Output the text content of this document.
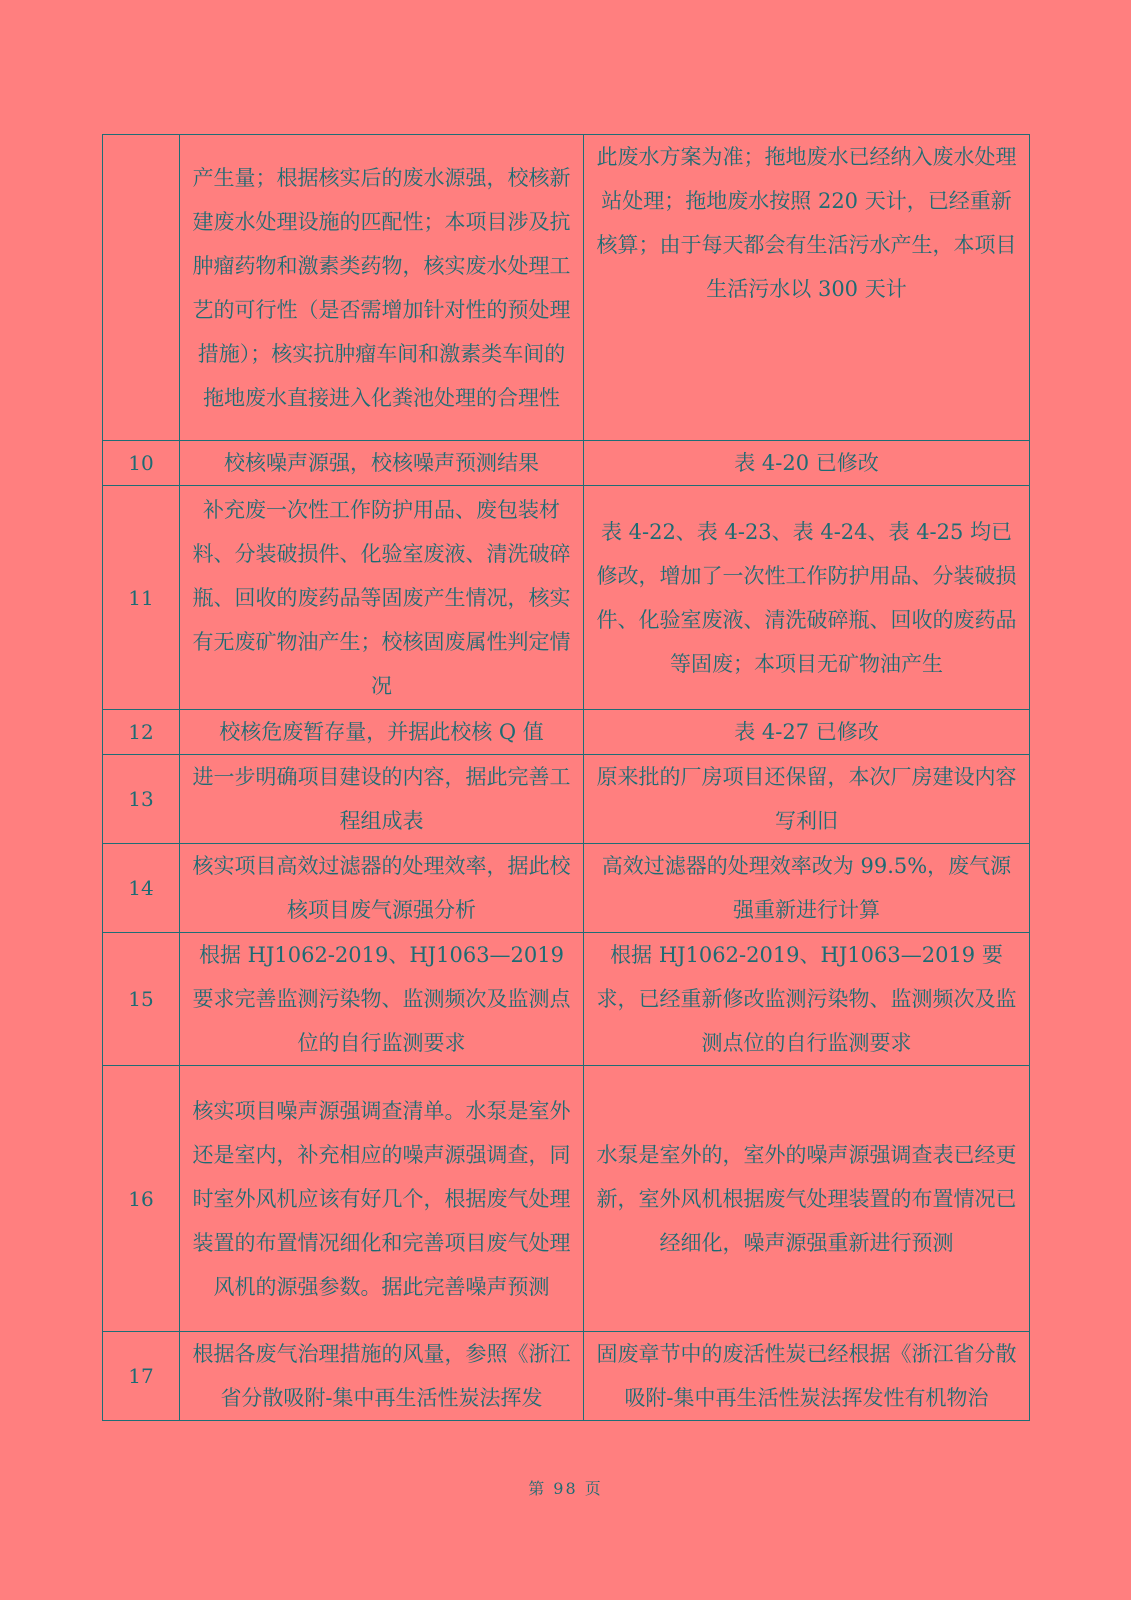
	产生量；根据核实后的废水源强，校核新建废水处理设施的匹配性；本项目涉及抗肿瘤药物和激素类药物，核实废水处理工艺的可行性（是否需增加针对性的预处理措施）；核实抗肿瘤车间和激素类车间的拖地废水直接进入化粪池处理的合理性	此废水方案为准；拖地废水已经纳入废水处理站处理；拖地废水按照 220 天计，已经重新核算；由于每天都会有生活污水产生，本项目生活污水以 300 天计
10	校核噪声源强，校核噪声预测结果	表 4-20 已修改
11	补充废一次性工作防护用品、废包装材料、分装破损件、化验室废液、清洗破碎瓶、回收的废药品等固废产生情况，核实有无废矿物油产生；校核固废属性判定情况	表 4-22、表 4-23、表 4-24、表 4-25 均已修改，增加了一次性工作防护用品、分装破损件、化验室废液、清洗破碎瓶、回收的废药品等固废；本项目无矿物油产生
12	校核危废暂存量，并据此校核 Q 值	表 4-27 已修改
13	进一步明确项目建设的内容，据此完善工程组成表	原来批的厂房项目还保留，本次厂房建设内容写利旧
14	核实项目高效过滤器的处理效率，据此校核项目废气源强分析	高效过滤器的处理效率改为 99.5%，废气源强重新进行计算
15	根据 HJ1062-2019、HJ1063—2019 要求完善监测污染物、监测频次及监测点位的自行监测要求	根据 HJ1062-2019、HJ1063—2019 要求，已经重新修改监测污染物、监测频次及监测点位的自行监测要求
16	核实项目噪声源强调查清单。水泵是室外还是室内，补充相应的噪声源强调查，同时室外风机应该有好几个，根据废气处理装置的布置情况细化和完善项目废气处理风机的源强参数。据此完善噪声预测	水泵是室外的，室外的噪声源强调查表已经更新，室外风机根据废气处理装置的布置情况已经细化，噪声源强重新进行预测
17	根据各废气治理措施的风量，参照《浙江省分散吸附-集中再生活性炭法挥发	固废章节中的废活性炭已经根据《浙江省分散吸附-集中再生活性炭法挥发性有机物治
第 98 页
